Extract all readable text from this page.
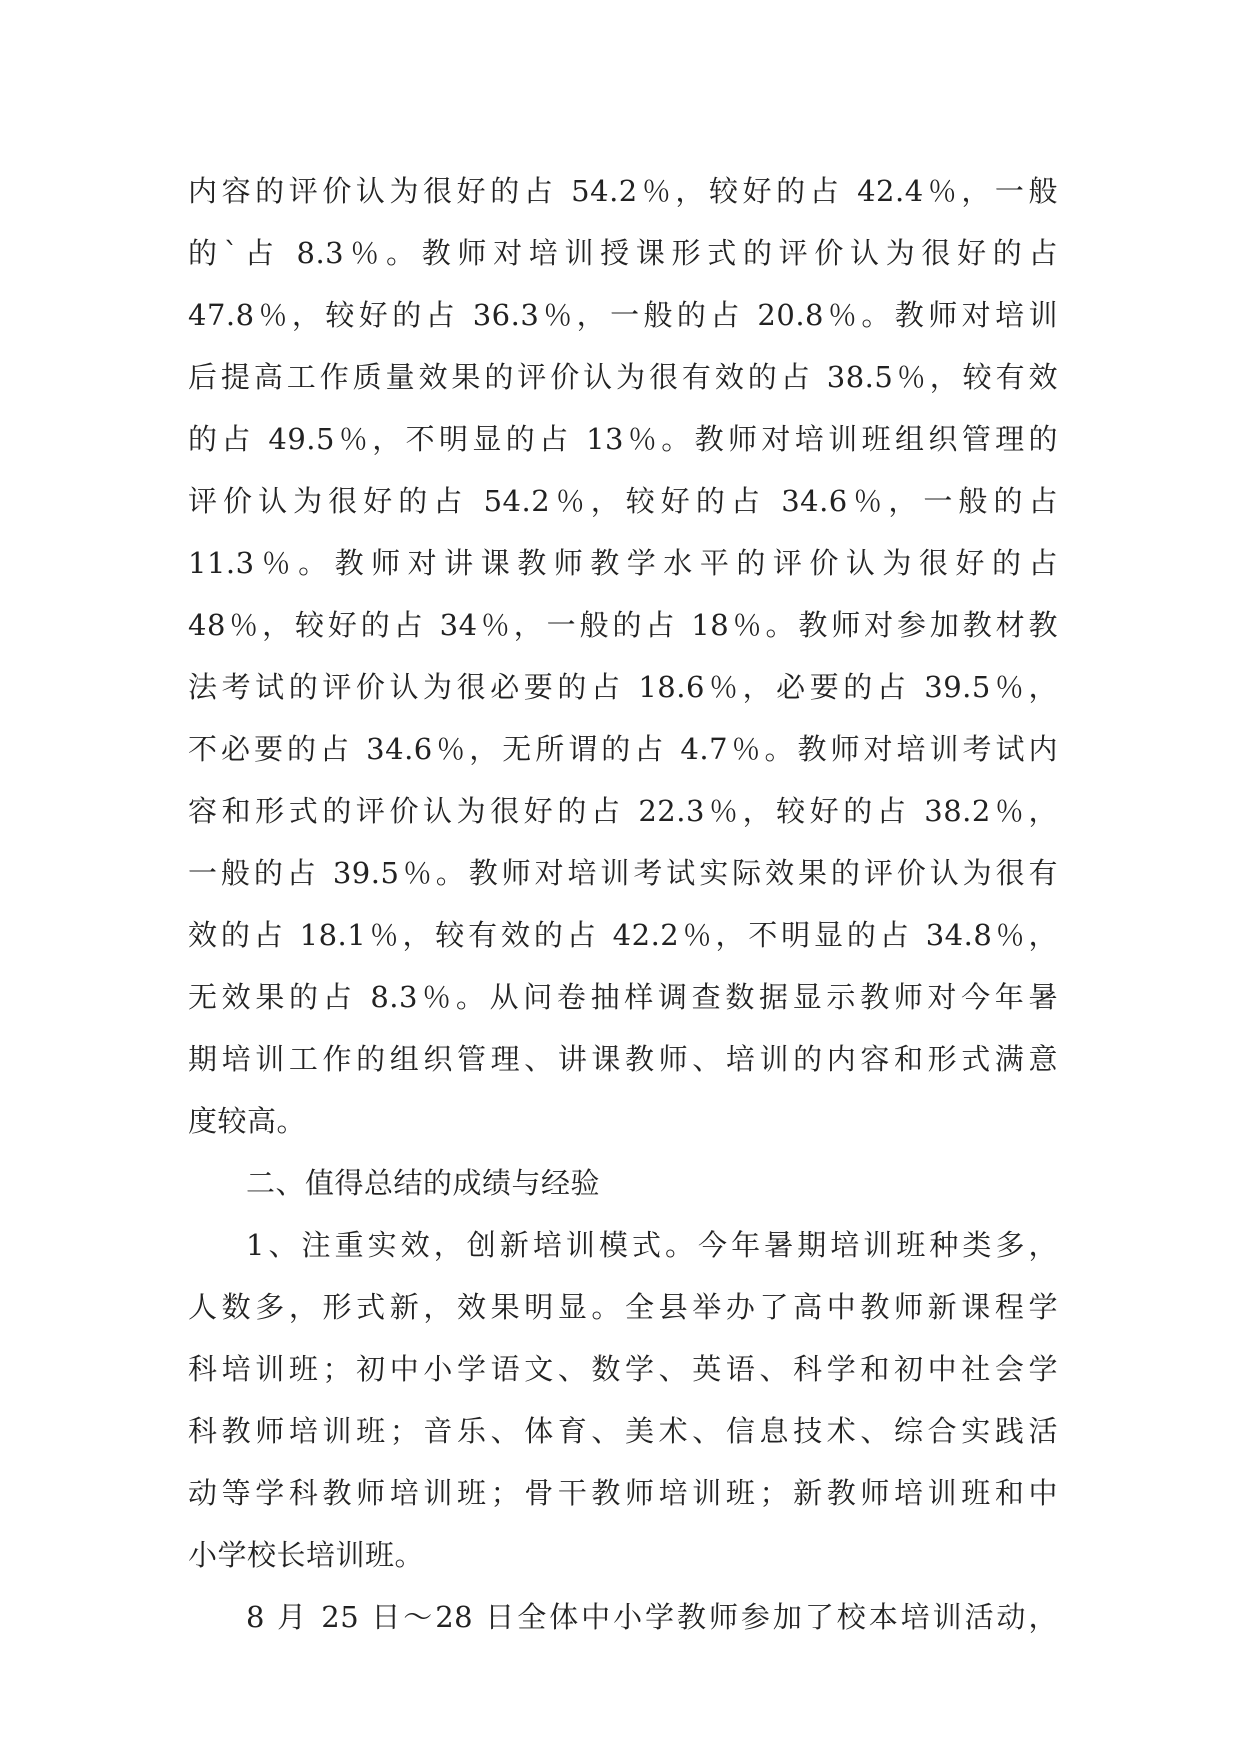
内容的评价认为很好的占 54.2％，较好的占 42.4％，一般
的`占 8.3％。教师对培训授课形式的评价认为很好的占
47.8％，较好的占 36.3％，一般的占 20.8％。教师对培训
后提高工作质量效果的评价认为很有效的占 38.5％，较有效
的占 49.5％，不明显的占 13％。教师对培训班组织管理的
评价认为很好的占 54.2％，较好的占 34.6％，一般的占
11.3％。教师对讲课教师教学水平的评价认为很好的占
48％，较好的占 34％，一般的占 18％。教师对参加教材教
法考试的评价认为很必要的占 18.6％，必要的占 39.5％，
不必要的占 34.6％，无所谓的占 4.7％。教师对培训考试内
容和形式的评价认为很好的占 22.3％，较好的占 38.2％，
一般的占 39.5％。教师对培训考试实际效果的评价认为很有
效的占 18.1％，较有效的占 42.2％，不明显的占 34.8％，
无效果的占 8.3％。从问卷抽样调查数据显示教师对今年暑
期培训工作的组织管理、讲课教师、培训的内容和形式满意
度较高。
二、值得总结的成绩与经验
1、注重实效，创新培训模式。今年暑期培训班种类多，
人数多，形式新，效果明显。全县举办了高中教师新课程学
科培训班；初中小学语文、数学、英语、科学和初中社会学
科教师培训班；音乐、体育、美术、信息技术、综合实践活
动等学科教师培训班；骨干教师培训班；新教师培训班和中
小学校长培训班。
8 月 25 日～28 日全体中小学教师参加了校本培训活动，
